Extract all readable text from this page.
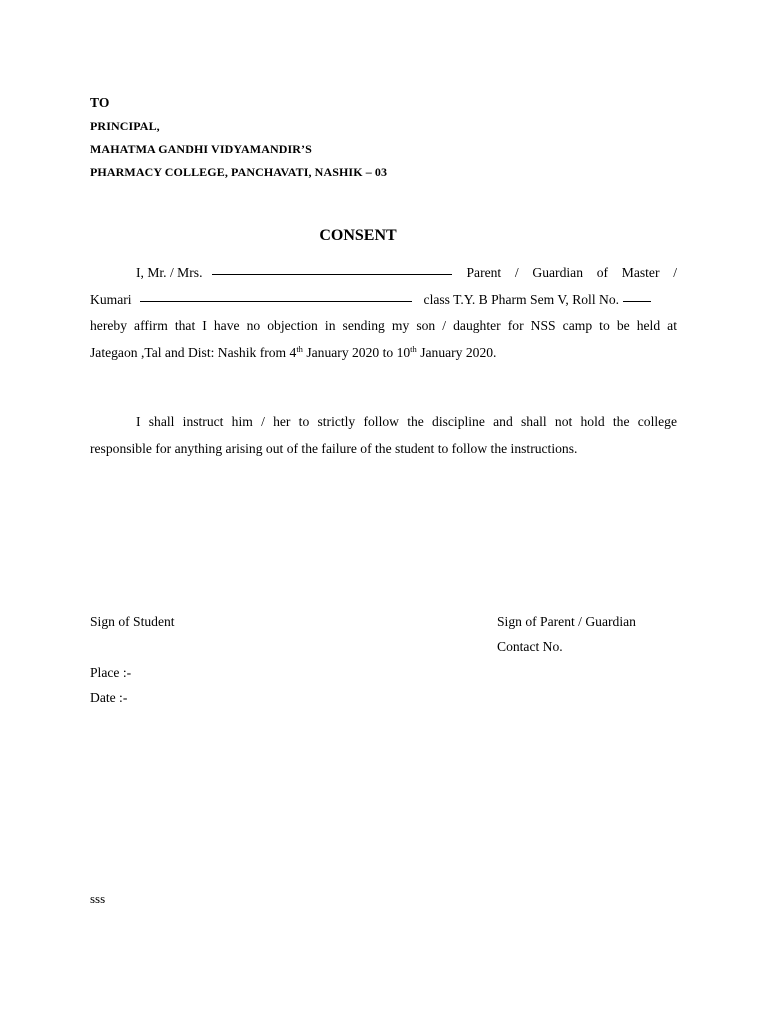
TO
PRINCIPAL,
MAHATMA GANDHI VIDYAMANDIR’S
PHARMACY COLLEGE, PANCHAVATI, NASHIK – 03
CONSENT
I, Mr. / Mrs.	Parent / Guardian of Master /
Kumari	class T.Y. B Pharm Sem V, Roll No.
hereby affirm that I have no objection in sending my son / daughter for NSS camp to be held at
Jategaon ,Tal and Dist: Nashik from 4th January 2020 to 10th January 2020.
I shall instruct him / her to strictly follow the discipline and shall not hold the college
responsible for anything arising out of the failure of the student to follow the instructions.
Sign of Student	Sign of Parent / Guardian
Contact No.
Place :-
Date :-
sss
